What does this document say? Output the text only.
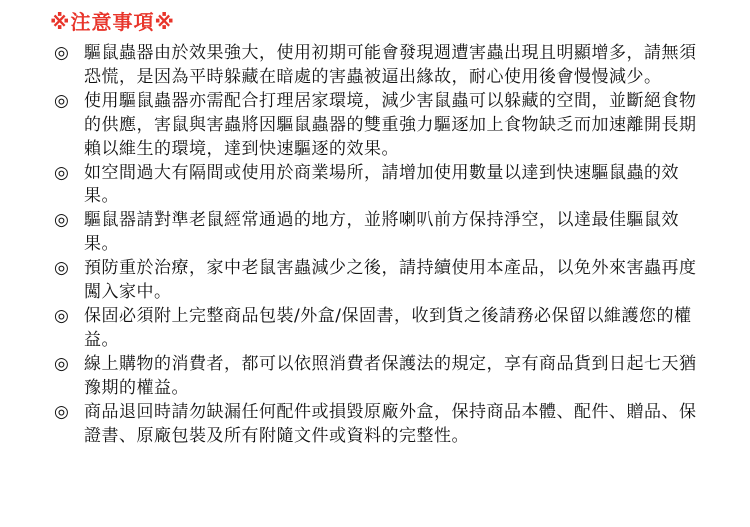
※注意事項※
◎ 驅鼠蟲器由於效果強大，使用初期可能會發現週遭害蟲出現且明顯增多，請無須恐慌，是因為平時躲藏在暗處的害蟲被逼出緣故，耐心使用後會慢慢減少。
◎ 使用驅鼠蟲器亦需配合打理居家環境，減少害鼠蟲可以躲藏的空間，並斷絕食物的供應，害鼠與害蟲將因驅鼠蟲器的雙重強力驅逐加上食物缺乏而加速離開長期賴以維生的環境，達到快速驅逐的效果。
◎ 如空間過大有隔間或使用於商業場所，請增加使用數量以達到快速驅鼠蟲的效果。
◎ 驅鼠器請對準老鼠經常通過的地方，並將喇叭前方保持淨空，以達最佳驅鼠效果。
◎ 預防重於治療，家中老鼠害蟲減少之後，請持續使用本產品，以免外來害蟲再度闖入家中。
◎ 保固必須附上完整商品包裝/外盒/保固書，收到貨之後請務必保留以維護您的權益。
◎ 線上購物的消費者，都可以依照消費者保護法的規定，享有商品貨到日起七天猶豫期的權益。
◎ 商品退回時請勿缺漏任何配件或損毀原廠外盒，保持商品本體、配件、贈品、保證書、原廠包裝及所有附隨文件或資料的完整性。
